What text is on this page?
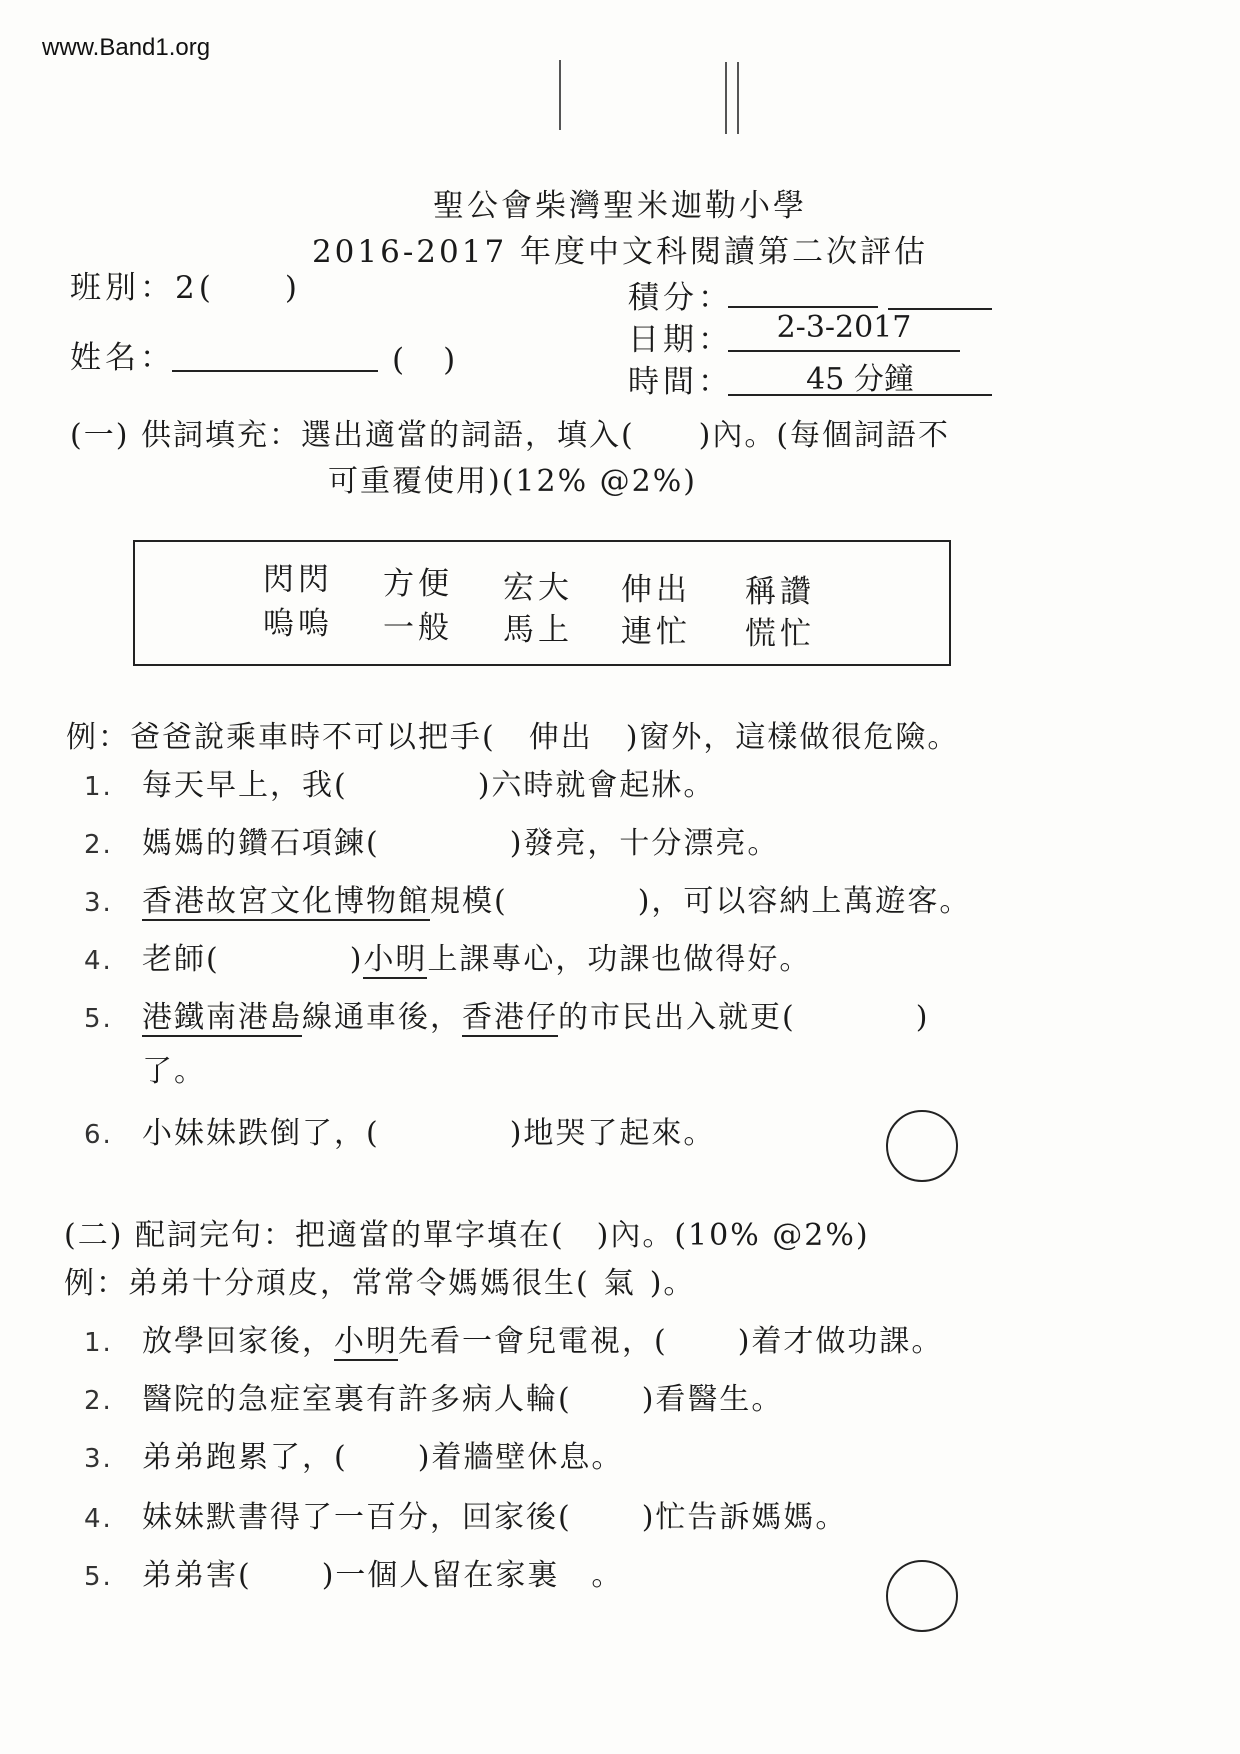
www.Band1.org
聖公會柴灣聖米迦勒小學
2016-2017 年度中文科閱讀第二次評估
班別：2(　　)
姓名：	(　)
積分：
日期：	2-3-2017
時間：	45 分鐘
(一) 供詞填充：選出適當的詞語，填入(　　)內。(每個詞語不
可重覆使用)(12% @2%)
閃閃 方便 宏大 伸出 稱讚
嗚嗚 一般 馬上 連忙 慌忙
例：爸爸說乘車時不可以把手( 伸出 )窗外，這樣做很危險。
1. 每天早上，我(	)六時就會起牀。
2. 媽媽的鑽石項鍊(	)發亮，十分漂亮。
3. 香港故宮文化博物館規模(	)，可以容納上萬遊客。
4. 老師(	)小明上課專心，功課也做得好。
5. 港鐵南港島線通車後，香港仔的市民出入就更(	)
了。
6. 小妹妹跌倒了，(	)地哭了起來。
(二) 配詞完句：把適當的單字填在(　)內。(10% @2%)
例：弟弟十分頑皮，常常令媽媽很生( 氣 )。
1. 放學回家後，小明先看一會兒電視，( )着才做功課。
2. 醫院的急症室裏有許多病人輪( )看醫生。
3. 弟弟跑累了，( )着牆壁休息。
4. 妹妹默書得了一百分，回家後( )忙告訴媽媽。
5. 弟弟害( )一個人留在家裏　。
